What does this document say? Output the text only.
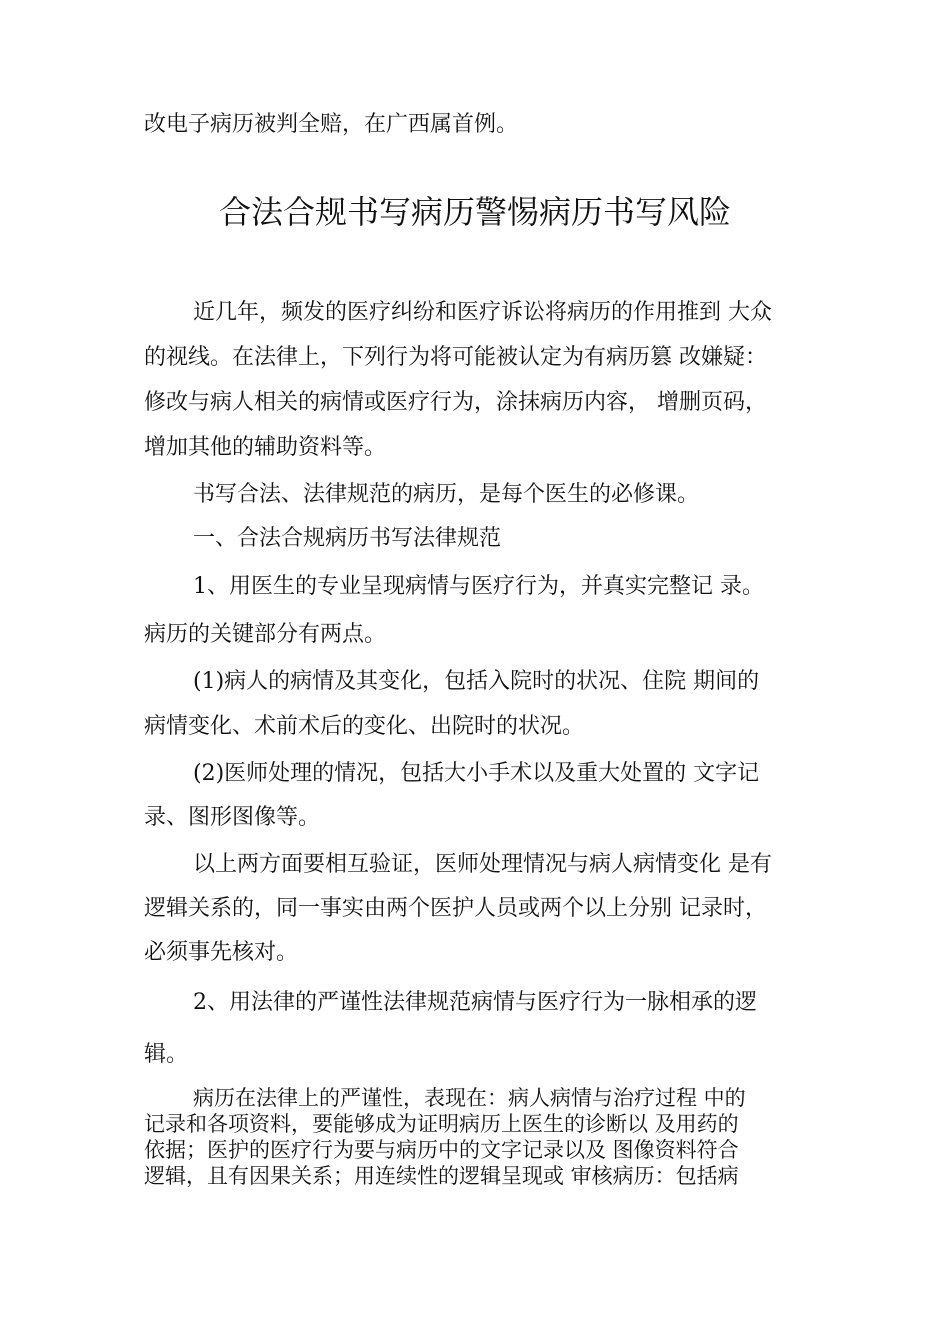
改电子病历被判全赔，在广西属首例。
合法合规书写病历警惕病历书写风险
近几年，频发的医疗纠纷和医疗诉讼将病历的作用推到 大众
的视线。在法律上，下列行为将可能被认定为有病历篡 改嫌疑：
修改与病人相关的病情或医疗行为，涂抹病历内容， 增删页码，
增加其他的辅助资料等。
书写合法、法律规范的病历，是每个医生的必修课。
一、合法合规病历书写法律规范
1、用医生的专业呈现病情与医疗行为，并真实完整记 录。
病历的关键部分有两点。
(1)病人的病情及其变化，包括入院时的状况、住院 期间的
病情变化、术前术后的变化、出院时的状况。
(2)医师处理的情况，包括大小手术以及重大处置的 文字记
录、图形图像等。
以上两方面要相互验证，医师处理情况与病人病情变化 是有
逻辑关系的，同一事实由两个医护人员或两个以上分别 记录时，
必须事先核对。
2、用法律的严谨性法律规范病情与医疗行为一脉相承的逻
辑。
病历在法律上的严谨性，表现在：病人病情与治疗过程 中的
记录和各项资料，要能够成为证明病历上医生的诊断以 及用药的
依据；医护的医疗行为要与病历中的文字记录以及 图像资料符合
逻辑，且有因果关系；用连续性的逻辑呈现或 审核病历：包括病
